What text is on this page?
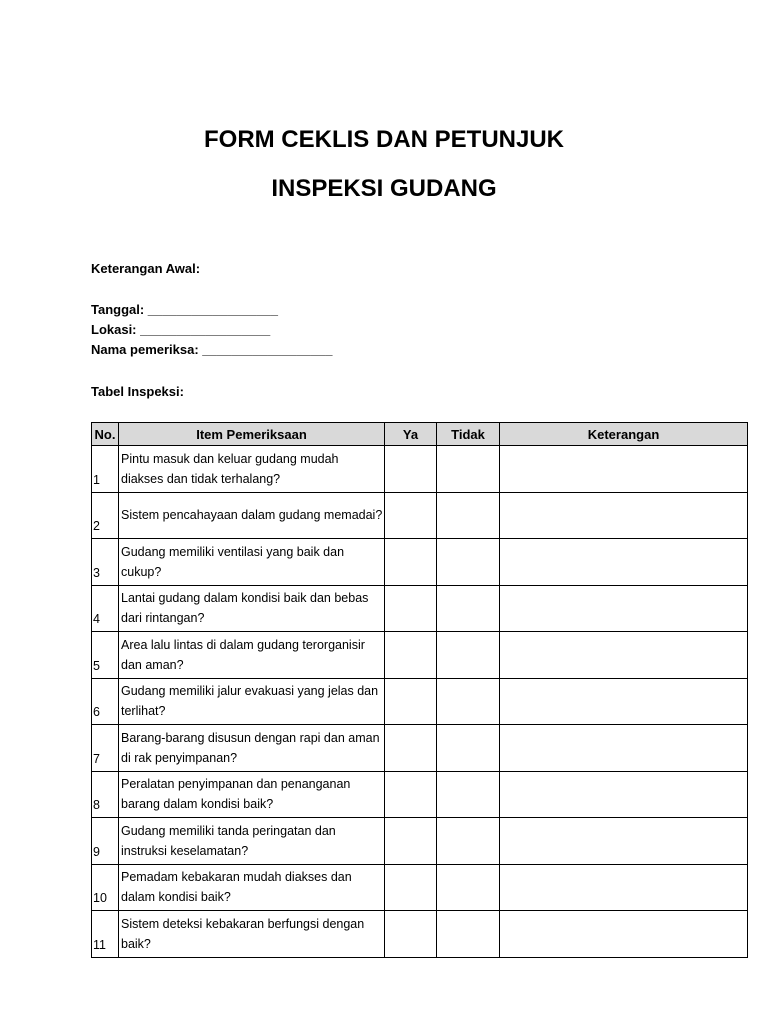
FORM CEKLIS DAN PETUNJUK
INSPEKSI GUDANG
Keterangan Awal:
Tanggal: __________________
Lokasi: __________________
Nama pemeriksa: __________________
Tabel Inspeksi:
No.	Item Pemeriksaan	Ya	Tidak	Keterangan
1	Pintu masuk dan keluar gudang mudah diakses dan tidak terhalang?			
2	Sistem pencahayaan dalam gudang memadai?			
3	Gudang memiliki ventilasi yang baik dan cukup?			
4	Lantai gudang dalam kondisi baik dan bebas dari rintangan?			
5	Area lalu lintas di dalam gudang terorganisir dan aman?			
6	Gudang memiliki jalur evakuasi yang jelas dan terlihat?			
7	Barang-barang disusun dengan rapi dan aman di rak penyimpanan?			
8	Peralatan penyimpanan dan penanganan barang dalam kondisi baik?			
9	Gudang memiliki tanda peringatan dan instruksi keselamatan?			
10	Pemadam kebakaran mudah diakses dan dalam kondisi baik?			
11	Sistem deteksi kebakaran berfungsi dengan baik?			
